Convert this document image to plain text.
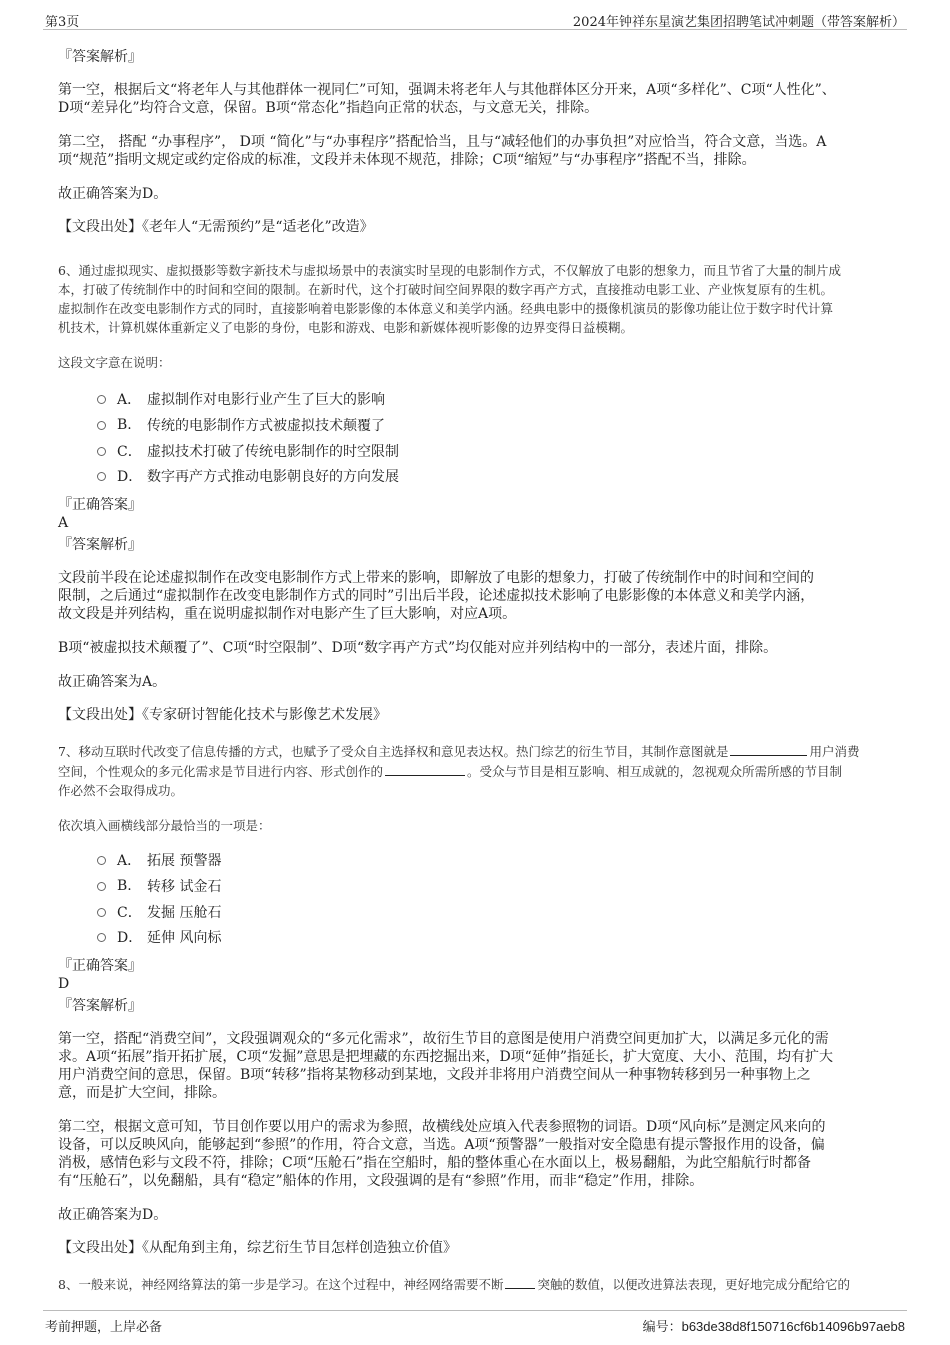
第3页	2024年钟祥东星演艺集团招聘笔试冲刺题（带答案解析）
『答案解析』
第一空，根据后文“将老年人与其他群体一视同仁”可知，强调未将老年人与其他群体区分开来，A项“多样化”、C项“人性化”、
D项“差异化”均符合文意，保留。B项“常态化”指趋向正常的状态，与文意无关，排除。
第二空， 搭配 “办事程序”， D项 “简化”与“办事程序”搭配恰当，且与“减轻他们的办事负担”对应恰当，符合文意，当选。A
项“规范”指明文规定或约定俗成的标准，文段并未体现不规范，排除；C项“缩短”与“办事程序”搭配不当，排除。
故正确答案为D。
【文段出处】《老年人“无需预约”是“适老化”改造》
6、通过虚拟现实、虚拟摄影等数字新技术与虚拟场景中的表演实时呈现的电影制作方式，不仅解放了电影的想象力，而且节省了大量的制片成
本，打破了传统制作中的时间和空间的限制。在新时代，这个打破时间空间界限的数字再产方式，直接推动电影工业、产业恢复原有的生机。
虚拟制作在改变电影制作方式的同时，直接影响着电影影像的本体意义和美学内涵。经典电影中的摄像机演员的影像功能让位于数字时代计算
机技术，计算机媒体重新定义了电影的身份，电影和游戏、电影和新媒体视听影像的边界变得日益模糊。
这段文字意在说明：
A． 虚拟制作对电影行业产生了巨大的影响
B.	传统的电影制作方式被虚拟技术颠覆了
C． 虚拟技术打破了传统电影制作的时空限制
D． 数字再产方式推动电影朝良好的方向发展
『正确答案』
A
『答案解析』
文段前半段在论述虚拟制作在改变电影制作方式上带来的影响，即解放了电影的想象力，打破了传统制作中的时间和空间的
限制，之后通过“虚拟制作在改变电影制作方式的同时”引出后半段，论述虚拟技术影响了电影影像的本体意义和美学内涵，
故文段是并列结构，重在说明虚拟制作对电影产生了巨大影响，对应A项。
B项“被虚拟技术颠覆了”、C项“时空限制”、D项“数字再产方式”均仅能对应并列结构中的一部分，表述片面，排除。
故正确答案为A。
【文段出处】《专家研讨智能化技术与影像艺术发展》
7、移动互联时代改变了信息传播的方式，也赋予了受众自主选择权和意见表达权。热门综艺的衍生节目，其制作意图就是	用户消费
空间，个性观众的多元化需求是节目进行内容、形式创作的	。受众与节目是相互影响、相互成就的，忽视观众所需所感的节目制
作必然不会取得成功。
依次填入画横线部分最恰当的一项是：
A． 拓展 预警器
B.	转移 试金石
C． 发掘 压舱石
D． 延伸 风向标
『正确答案』
D
『答案解析』
第一空，搭配“消费空间”，文段强调观众的“多元化需求”，故衍生节目的意图是使用户消费空间更加扩大，以满足多元化的需
求。A项“拓展”指开拓扩展，C项“发掘”意思是把埋藏的东西挖掘出来，D项“延伸”指延长，扩大宽度、大小、范围，均有扩大
用户消费空间的意思，保留。B项“转移”指将某物移动到某地，文段并非将用户消费空间从一种事物转移到另一种事物上之
意，而是扩大空间，排除。
第二空，根据文意可知，节目创作要以用户的需求为参照，故横线处应填入代表参照物的词语。D项“风向标”是测定风来向的
设备，可以反映风向，能够起到“参照”的作用，符合文意，当选。A项“预警器”一般指对安全隐患有提示警报作用的设备，偏
消极，感情色彩与文段不符，排除；C项“压舱石”指在空船时，船的整体重心在水面以上，极易翻船，为此空船航行时都备
有“压舱石”，以免翻船，具有“稳定”船体的作用，文段强调的是有“参照”作用，而非“稳定”作用，排除。
故正确答案为D。
【文段出处】《从配角到主角，综艺衍生节目怎样创造独立价值》
8、一般来说，神经网络算法的第一步是学习。在这个过程中，神经网络需要不断	突触的数值，以便改进算法表现，更好地完成分配给它的
考前押题，上岸必备	编号：b63de38d8f150716cf6b14096b97aeb8
